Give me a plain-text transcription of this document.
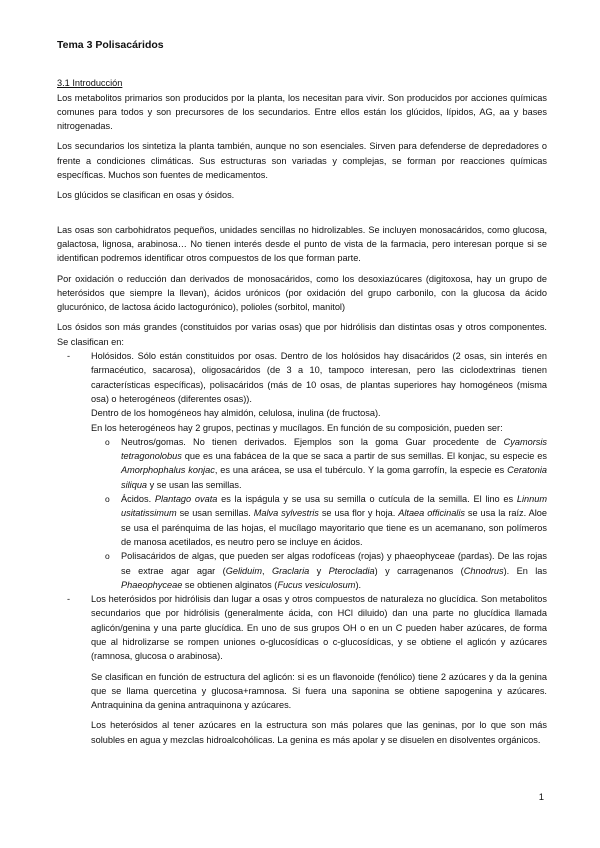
Tema 3 Polisacáridos
3.1 Introducción

Los metabolitos primarios son producidos por la planta, los necesitan para vivir. Son producidos por acciones químicas comunes para todos y son precursores de los secundarios. Entre ellos están los glúcidos, lípidos, AG, aa y bases nitrogenadas.

Los secundarios los sintetiza la planta también, aunque no son esenciales. Sirven para defenderse de depredadores o frente a condiciones climáticas. Sus estructuras son variadas y complejas, se forman por reacciones químicas específicas. Muchos son fuentes de medicamentos.

Los glúcidos se clasifican en osas y ósidos.

Las osas son carbohidratos pequeños, unidades sencillas no hidrolizables. Se incluyen monosacáridos, como glucosa, galactosa, lignosa, arabinosa… No tienen interés desde el punto de vista de la farmacia, pero interesan porque si se identifican podremos identificar otros compuestos de los que forman parte.

Por oxidación o reducción dan derivados de monosacáridos, como los desoxiazúcares (digitoxosa, hay un grupo de heterósidos que siempre la llevan), ácidos urónicos (por oxidación del grupo carbonilo, con la glucosa da ácido glucurónico, de lactosa ácido lactogurónico), polioles (sorbitol, manitol)

Los ósidos son más grandes (constituidos por varias osas) que por hidrólisis dan distintas osas y otros componentes. Se clasifican en:

- Holósidos. Sólo están constituidos por osas. Dentro de los holósidos hay disacáridos (2 osas, sin interés en farmacéutico, sacarosa), oligosacáridos (de 3 a 10, tampoco interesan, pero las ciclodextrinas tienen características específicas), polisacáridos (más de 10 osas, de plantas superiores hay homogéneos (misma osa) o heterogéneos (diferentes osas)).
Dentro de los homogéneos hay almidón, celulosa, inulina (de fructosa).
En los heterogéneos hay 2 grupos, pectinas y mucílagos. En función de su composición, pueden ser:
o Neutros/gomas. No tienen derivados. Ejemplos son la goma Guar procedente de Cyamorsis tetragonolobus que es una fabácea de la que se saca a partir de sus semillas. El konjac, su especie es Amorphophalus konjac, es una arácea, se usa el tubérculo. Y la goma garrofín, la especie es Ceratonia siliqua y se usan las semillas.
o Ácidos. Plantago ovata es la ispágula y se usa su semilla o cutícula de la semilla. El lino es Linnum usitatissimum se usan semillas. Malva sylvestris se usa flor y hoja. Altaea officinalis se usa la raíz. Aloe se usa el parénquima de las hojas, el mucílago mayoritario que tiene es un acemanano, son polímeros de manosa acetilados, es neutro pero se incluye en ácidos.
o Polisacáridos de algas, que pueden ser algas rodofíceas (rojas) y phaeophyceae (pardas). De las rojas se extrae agar agar (Geliduim, Graclaria y Pterocladia) y carragenanos (Chnodrus). En las Phaeophyceae se obtienen alginatos (Fucus vesiculosum).

- Los heterósidos por hidrólisis dan lugar a osas y otros compuestos de naturaleza no glucídica. Son metabolitos secundarios que por hidrólisis (generalmente ácida, con HCl diluido) dan una parte no glucídica llamada aglicón/genina y una parte glucídica. En uno de sus grupos OH o en un C pueden haber azúcares, de forma que al hidrolizarse se rompen uniones o-glucosídicas o c-glucosídicas, y se obtiene el aglicón y azúcares (ramnosa, glucosa o arabinosa).

Se clasifican en función de estructura del aglicón: si es un flavonoide (fenólico) tiene 2 azúcares y da la genina que se llama quercetina y glucosa+ramnosa. Si fuera una saponina se obtiene sapogenina y azúcares. Antraquinina da genina antraquinona y azúcares.

Los heterósidos al tener azúcares en la estructura son más polares que las geninas, por lo que son más solubles en agua y mezclas hidroalcohólicas. La genina es más apolar y se disuelen en disolventes orgánicos.

1
